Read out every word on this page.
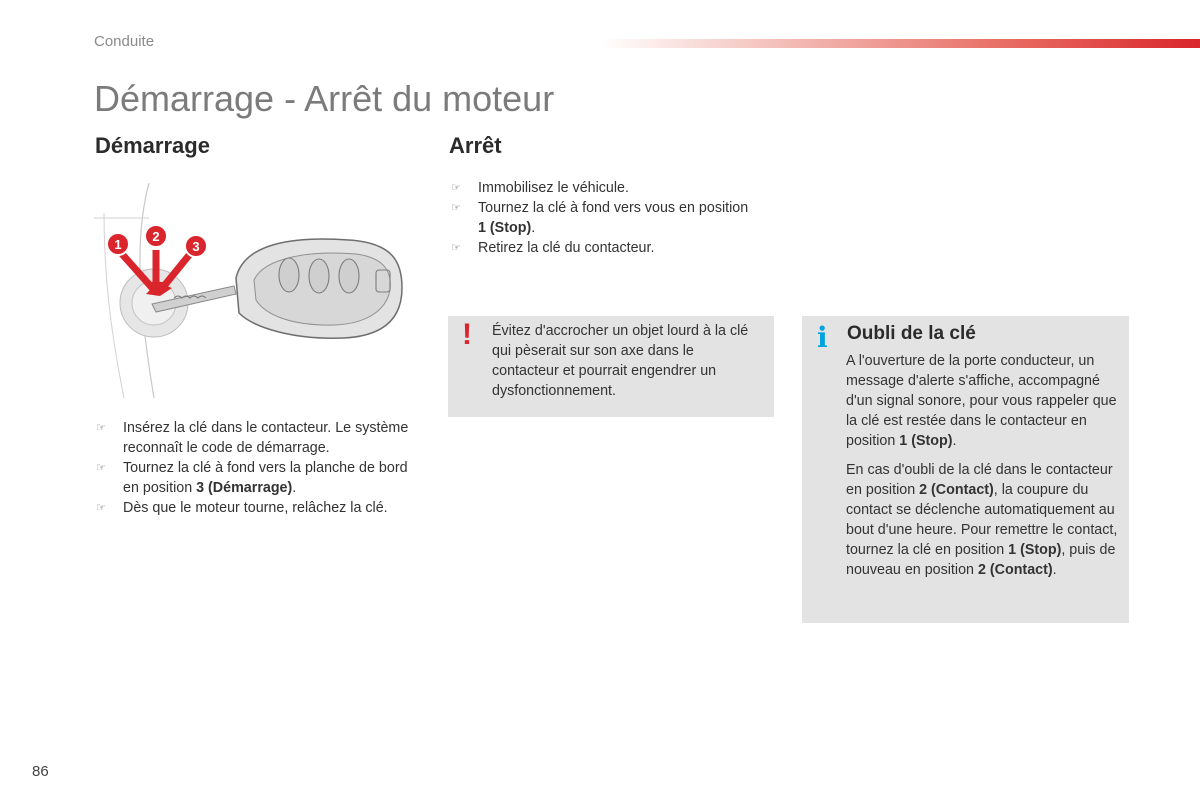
Conduite
Démarrage - Arrêt du moteur
Démarrage	Arrêt
1
2
3
☞ Insérez la clé dans le contacteur. Le système reconnaît le code de démarrage.
☞ Tournez la clé à fond vers la planche de bord en position 3 (Démarrage).
☞ Dès que le moteur tourne, relâchez la clé.
☞ Immobilisez le véhicule.
☞ Tournez la clé à fond vers vous en position 1 (Stop).
☞ Retirez la clé du contacteur.
! Évitez d'accrocher un objet lourd à la clé qui pèserait sur son axe dans le contacteur et pourrait engendrer un dysfonctionnement.
i Oubli de la clé

A l'ouverture de la porte conducteur, un message d'alerte s'affiche, accompagné d'un signal sonore, pour vous rappeler que la clé est restée dans le contacteur en position 1 (Stop).

En cas d'oubli de la clé dans le contacteur en position 2 (Contact), la coupure du contact se déclenche automatiquement au bout d'une heure. Pour remettre le contact, tournez la clé en position 1 (Stop), puis de nouveau en position 2 (Contact).

86
